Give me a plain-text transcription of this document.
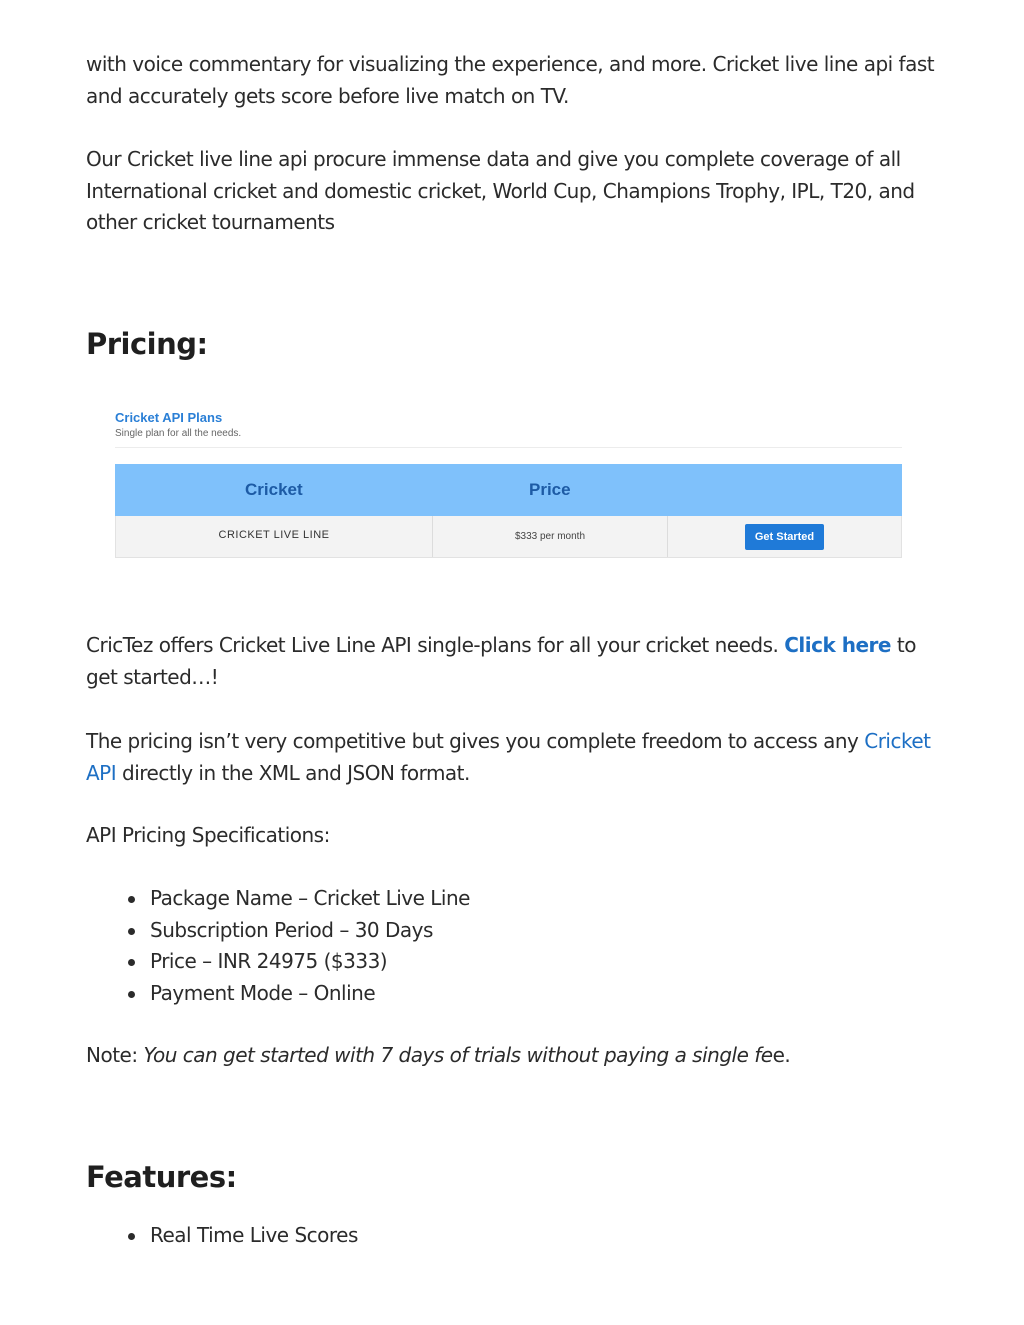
with voice commentary for visualizing the experience, and more. Cricket live line api fast and accurately gets score before live match on TV.

Our Cricket live line api procure immense data and give you complete coverage of all International cricket and domestic cricket, World Cup, Champions Trophy, IPL, T20, and other cricket tournaments

Pricing:
Cricket API Plans
Single plan for all the needs.
Cricket	Price
CRICKET LIVE LINE	$333 per month	Get Started

CricTez offers Cricket Live Line API single-plans for all your cricket needs. Click here to get started…!

The pricing isn’t very competitive but gives you complete freedom to access any Cricket API directly in the XML and JSON format.

API Pricing Specifications:

Package Name – Cricket Live Line
Subscription Period – 30 Days
Price – INR 24975 ($333)
Payment Mode – Online

Note: You can get started with 7 days of trials without paying a single fee.

Features:
Real Time Live Scores
